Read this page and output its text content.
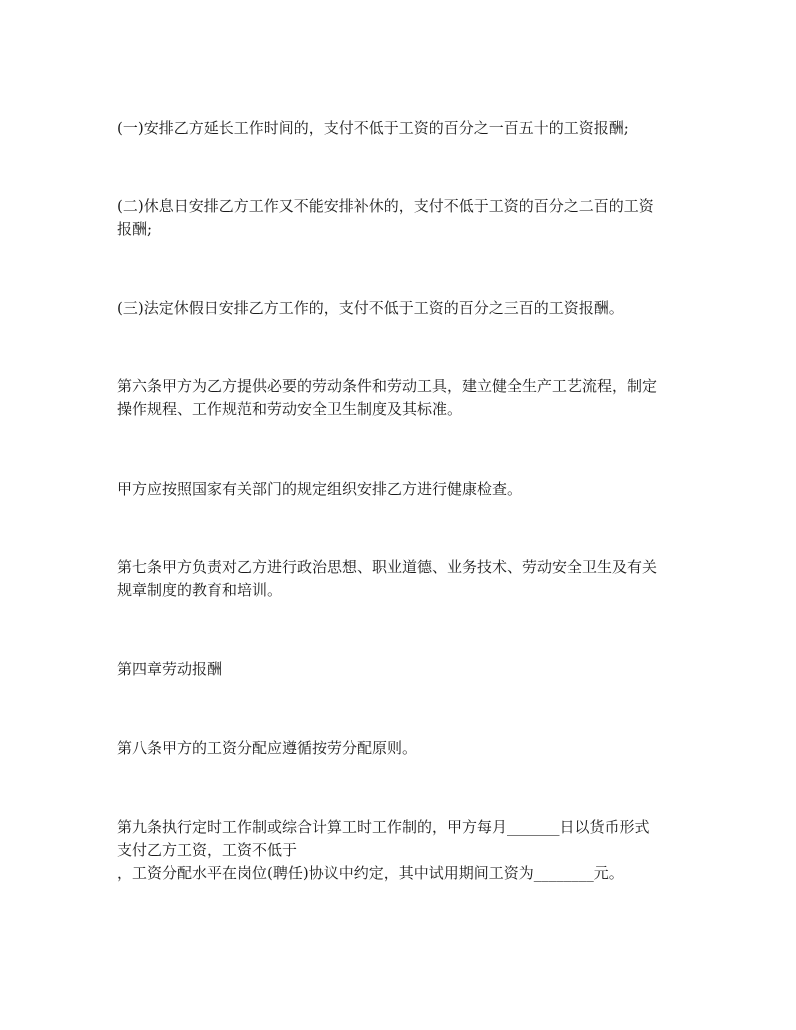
(一)安排乙方延长工作时间的，支付不低于工资的百分之一百五十的工资报酬;

(二)休息日安排乙方工作又不能安排补休的，支付不低于工资的百分之二百的工资
报酬;

(三)法定休假日安排乙方工作的，支付不低于工资的百分之三百的工资报酬。

第六条甲方为乙方提供必要的劳动条件和劳动工具，建立健全生产工艺流程，制定
操作规程、工作规范和劳动安全卫生制度及其标准。

甲方应按照国家有关部门的规定组织安排乙方进行健康检查。

第七条甲方负责对乙方进行政治思想、职业道德、业务技术、劳动安全卫生及有关
规章制度的教育和培训。

第四章劳动报酬

第八条甲方的工资分配应遵循按劳分配原则。

第九条执行定时工作制或综合计算工时工作制的，甲方每月_______日以货币形式
支付乙方工资，工资不低于
，工资分配水平在岗位(聘任)协议中约定，其中试用期间工资为________元。
